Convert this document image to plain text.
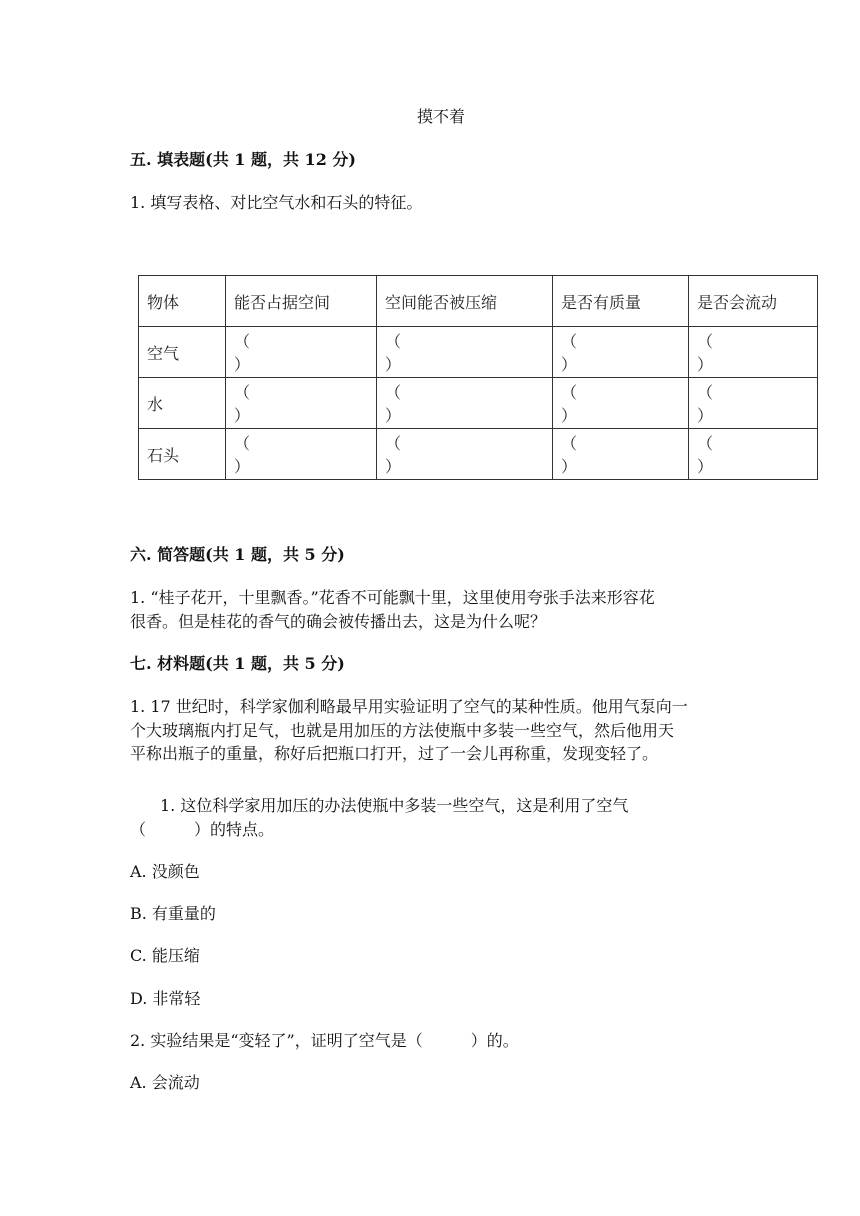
摸不着
五. 填表题(共 1 题，共 12 分)
1. 填写表格、对比空气水和石头的特征。
物体	能否占据空间	空间能否被压缩	是否有质量	是否会流动
空气	（）	（）	（）	（）
水	（）	（）	（）	（）
石头	（）	（）	（）	（）
六. 简答题(共 1 题，共 5 分)
1. “桂子花开，十里飘香。”花香不可能飘十里，这里使用夸张手法来形容花
很香。但是桂花的香气的确会被传播出去，这是为什么呢？
七. 材料题(共 1 题，共 5 分)
1. 17 世纪时，科学家伽利略最早用实验证明了空气的某种性质。他用气泵向一
个大玻璃瓶内打足气，也就是用加压的方法使瓶中多装一些空气，然后他用天
平称出瓶子的重量，称好后把瓶口打开，过了一会儿再称重，发现变轻了。
1. 这位科学家用加压的办法使瓶中多装一些空气，这是利用了空气
（　　　）的特点。
A. 没颜色
B. 有重量的
C. 能压缩
D. 非常轻
2. 实验结果是“变轻了”，证明了空气是（　　　）的。
A. 会流动
